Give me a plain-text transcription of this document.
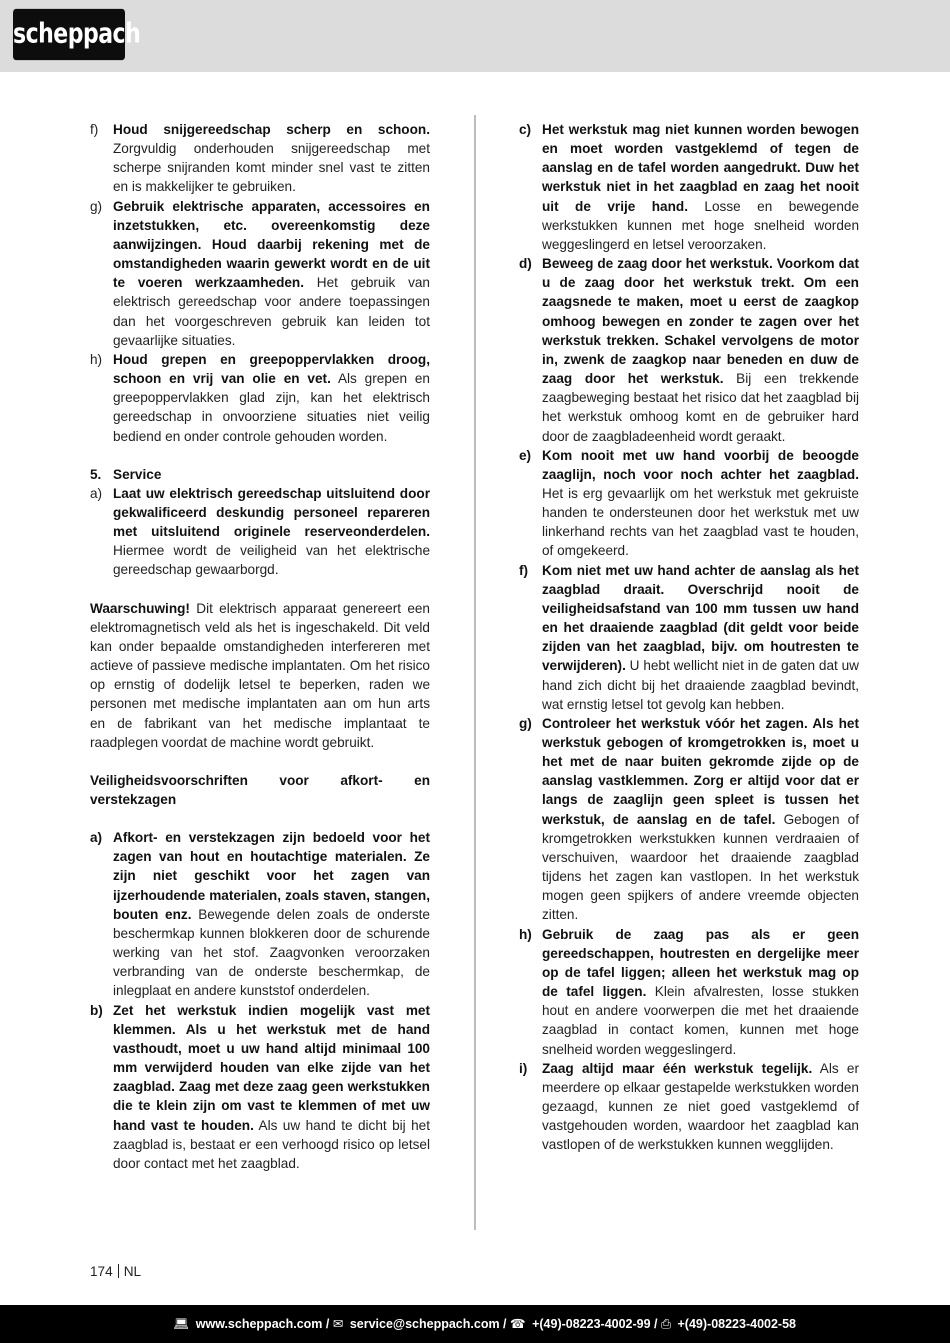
scheppach
f)	Houd snijgereedschap scherp en schoon. Zorgvuldig onderhouden snijgereedschap met scherpe snijranden komt minder snel vast te zitten en is makkelijker te gebruiken.
g) Gebruik elektrische apparaten, accessoires en inzetstukken, etc. overeenkomstig deze aanwijzingen. Houd daarbij rekening met de omstandigheden waarin gewerkt wordt en de uit te voeren werkzaamheden. Het gebruik van elektrisch gereedschap voor andere toepassingen dan het voorgeschreven gebruik kan leiden tot gevaarlijke situaties.
h) Houd grepen en greepoppervlakken droog, schoon en vrij van olie en vet. Als grepen en greepoppervlakken glad zijn, kan het elektrisch gereedschap in onvoorziene situaties niet veilig bediend en onder controle gehouden worden.
5. Service
a) Laat uw elektrisch gereedschap uitsluitend door gekwalificeerd deskundig personeel repareren met uitsluitend originele reserveonderdelen. Hiermee wordt de veiligheid van het elektrische gereedschap gewaarborgd.
Waarschuwing! Dit elektrisch apparaat genereert een elektromagnetisch veld als het is ingeschakeld. Dit veld kan onder bepaalde omstandigheden interfereren met actieve of passieve medische implantaten. Om het risico op ernstig of dodelijk letsel te beperken, raden we personen met medische implantaten aan om hun arts en de fabrikant van het medische implantaat te raadplegen voordat de machine wordt gebruikt.
Veiligheidsvoorschriften voor afkort- en verstekzagen
a) Afkort- en verstekzagen zijn bedoeld voor het zagen van hout en houtachtige materialen. Ze zijn niet geschikt voor het zagen van ijzerhoudende materialen, zoals staven, stangen, bouten enz. Bewegende delen zoals de onderste beschermkap kunnen blokkeren door de schurende werking van het stof. Zaagvonken veroorzaken verbranding van de onderste beschermkap, de inlegplaat en andere kunststof onderdelen.
b) Zet het werkstuk indien mogelijk vast met klemmen. Als u het werkstuk met de hand vasthoudt, moet u uw hand altijd minimaal 100 mm verwijderd houden van elke zijde van het zaagblad. Zaag met deze zaag geen werkstukken die te klein zijn om vast te klemmen of met uw hand vast te houden. Als uw hand te dicht bij het zaagblad is, bestaat er een verhoogd risico op letsel door contact met het zaagblad.
c) Het werkstuk mag niet kunnen worden bewogen en moet worden vastgeklemd of tegen de aanslag en de tafel worden aangedrukt. Duw het werkstuk niet in het zaagblad en zaag het nooit uit de vrije hand. Losse en bewegende werkstukken kunnen met hoge snelheid worden weggeslingerd en letsel veroorzaken.
d) Beweeg de zaag door het werkstuk. Voorkom dat u de zaag door het werkstuk trekt. Om een zaagsnede te maken, moet u eerst de zaagkop omhoog bewegen en zonder te zagen over het werkstuk trekken. Schakel vervolgens de motor in, zwenk de zaagkop naar beneden en duw de zaag door het werkstuk. Bij een trekkende zaagbeweging bestaat het risico dat het zaagblad bij het werkstuk omhoog komt en de gebruiker hard door de zaagbladeenheid wordt geraakt.
e) Kom nooit met uw hand voorbij de beoogde zaaglijn, noch voor noch achter het zaagblad. Het is erg gevaarlijk om het werkstuk met gekruiste handen te ondersteunen door het werkstuk met uw linkerhand rechts van het zaagblad vast te houden, of omgekeerd.
f)	Kom niet met uw hand achter de aanslag als het zaagblad draait. Overschrijd nooit de veiligheidsafstand van 100 mm tussen uw hand en het draaiende zaagblad (dit geldt voor beide zijden van het zaagblad, bijv. om houtresten te verwijderen). U hebt wellicht niet in de gaten dat uw hand zich dicht bij het draaiende zaagblad bevindt, wat ernstig letsel tot gevolg kan hebben.
g) Controleer het werkstuk vóór het zagen. Als het werkstuk gebogen of kromgetrokken is, moet u het met de naar buiten gekromde zijde op de aanslag vastklemmen. Zorg er altijd voor dat er langs de zaaglijn geen spleet is tussen het werkstuk, de aanslag en de tafel. Gebogen of kromgetrokken werkstukken kunnen verdraaien of verschuiven, waardoor het draaiende zaagblad tijdens het zagen kan vastlopen. In het werkstuk mogen geen spijkers of andere vreemde objecten zitten.
h) Gebruik de zaag pas als er geen gereedschappen, houtresten en dergelijke meer op de tafel liggen; alleen het werkstuk mag op de tafel liggen. Klein afvalresten, losse stukken hout en andere voorwerpen die met het draaiende zaagblad in contact komen, kunnen met hoge snelheid worden weggeslingerd.
i)	Zaag altijd maar één werkstuk tegelijk. Als er meerdere op elkaar gestapelde werkstukken worden gezaagd, kunnen ze niet goed vastgeklemd of vastgehouden worden, waardoor het zaagblad kan vastlopen of de werkstukken kunnen wegglijden.
174 NL
💻︎ www.scheppach.com / ✉ service@scheppach.com / ☎ +(49)-08223-4002-99 / ⎙ +(49)-08223-4002-58
